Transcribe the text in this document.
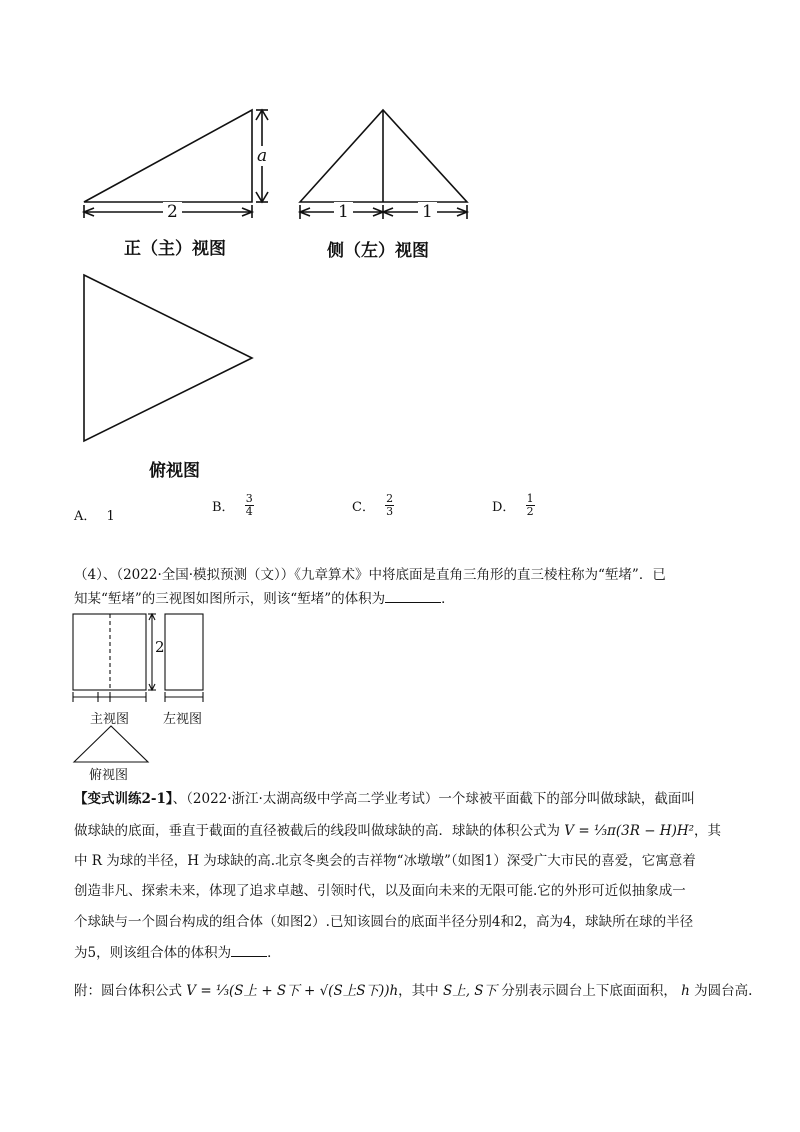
a
2	1	1
正（主）视图	侧（左）视图
俯视图
A． 1
B． $\frac{3}{4}$	C． $\frac{2}{3}$	D． $\frac{1}{2}$
（4）、（2022·全国·模拟预测（文））《九章算术》中将底面是直角三角形的直三棱柱称为“堑堵”．已
知某“堑堵”的三视图如图所示，则该“堑堵”的体积为	．
2
主视图	左视图
俯视图
【变式训练2-1】、（2022·浙江·太湖高级中学高二学业考试）一个球被平面截下的部分叫做球缺，截面叫
做球缺的底面，垂直于截面的直径被截后的线段叫做球缺的高．球缺的体积公式为 V = ⅓π(3R − H)H²，其
中 R 为球的半径，H 为球缺的高.北京冬奥会的吉祥物“冰墩墩”（如图1）深受广大市民的喜爱，它寓意着
创造非凡、探索未来，体现了追求卓越、引领时代，以及面向未来的无限可能.它的外形可近似抽象成一
个球缺与一个圆台构成的组合体（如图2）.已知该圆台的底面半径分别4和2，高为4，球缺所在球的半径
为5，则该组合体的体积为	．
附：圆台体积公式 V = ⅓(S上 + S下 + √(S上S下))h，其中 S上, S下 分别表示圆台上下底面面积， h 为圆台高.
